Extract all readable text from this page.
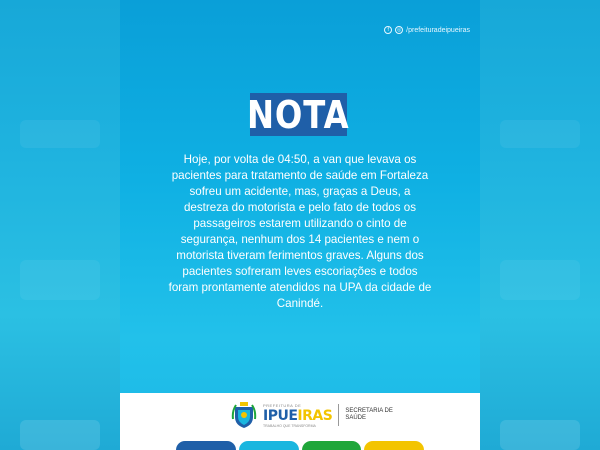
f	◎ /prefeituradeipueiras
NOTA

Hoje, por volta de 04:50, a van que levava os pacientes para tratamento de saúde em Fortaleza sofreu um acidente, mas, graças a Deus, a destreza do motorista e pelo fato de todos os passageiros estarem utilizando o cinto de segurança, nenhum dos 14 pacientes e nem o motorista tiveram ferimentos graves. Alguns dos pacientes sofreram leves escoriações e todos foram prontamente atendidos na UPA da cidade de Canindé.

PREFEITURA DE
IPUEIRAS
TRABALHO QUE TRANSFORMA
SECRETARIA DE
SAÚDE
